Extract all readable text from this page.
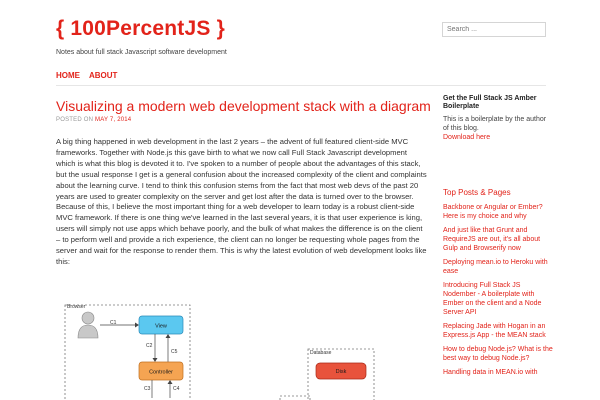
{ 100PercentJS }
Notes about full stack Javascript software development
Search ...
HOME ABOUT
Visualizing a modern web development stack with a diagram
POSTED ON MAY 7, 2014

A big thing happened in web development in the last 2 years – the advent of full featured client-side MVC frameworks. Together with Node.js this gave birth to what we now call Full Stack Javascript development which is what this blog is devoted it to. I've spoken to a number of people about the advantages of this stack, but the usual response I get is a general confusion about the increased complexity of the client and complaints about the learning curve. I tend to think this confusion stems from the fact that most web devs of the past 20 years are used to greater complexity on the server and get lost after the data is turned over to the browser. Because of this, I believe the most important thing for a web developer to learn today is a robust client-side MVC framework. If there is one thing we've learned in the last several years, it is that user experience is king, users will simply not use apps which behave poorly, and the bulk of what makes the difference is on the client – to perform well and provide a rich experience, the client can no longer be requesting whole pages from the server and wait for the response to render them. This is why the latest evolution of web development looks like this:

Browser
C1
View
C2
C5
Controller
C3	C4
Database
Disk
Get the Full Stack JS Amber Boilerplate
This is a boilerplate by the author of this blog.
Download here
Top Posts & Pages
Backbone or Angular or Ember? Here is my choice and why
And just like that Grunt and RequireJS are out, it's all about Gulp and Browserify now
Deploying mean.io to Heroku with ease
Introducing Full Stack JS Nodember - A boilerplate with Ember on the client and a Node Server API
Replacing Jade with Hogan in an Express.js App - the MEAN stack
How to debug Node.js? What is the best way to debug Node.js?
Handling data in MEAN.io with
